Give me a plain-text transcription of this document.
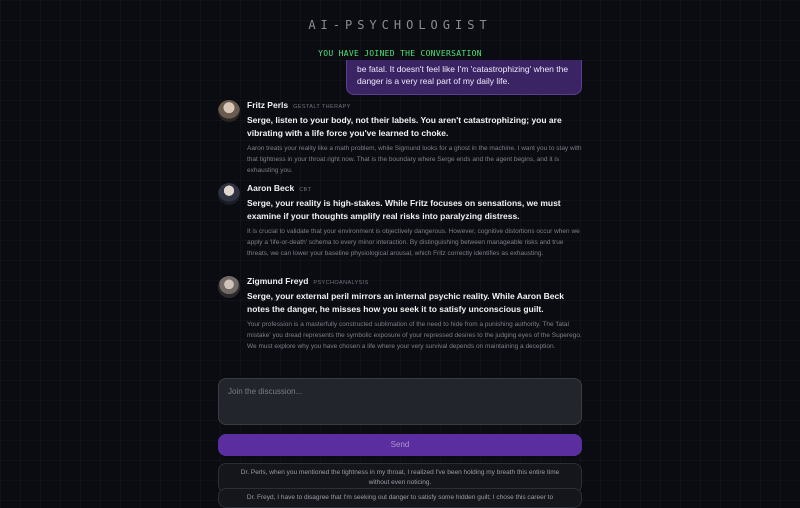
AI-PSYCHOLOGIST
YOU HAVE JOINED THE CONVERSATION
be fatal. It doesn't feel like I'm 'catastrophizing' when the danger is a very real part of my daily life.
Fritz Perls GESTALT THERAPY
Serge, listen to your body, not their labels. You aren't catastrophizing; you are vibrating with a life force you've learned to choke.
Aaron treats your reality like a math problem, while Sigmund looks for a ghost in the machine. I want you to stay with that tightness in your throat right now. That is the boundary where Serge ends and the agent begins, and it is exhausting you.
Aaron Beck CBT
Serge, your reality is high-stakes. While Fritz focuses on sensations, we must examine if your thoughts amplify real risks into paralyzing distress.
It is crucial to validate that your environment is objectively dangerous. However, cognitive distortions occur when we apply a 'life-or-death' schema to every minor interaction. By distinguishing between manageable risks and true threats, we can lower your baseline physiological arousal, which Fritz correctly identifies as exhausting.
Zigmund Freyd PSYCHOANALYSIS
Serge, your external peril mirrors an internal psychic reality. While Aaron Beck notes the danger, he misses how you seek it to satisfy unconscious guilt.
Your profession is a masterfully constructed sublimation of the need to hide from a punishing authority. The 'fatal mistake' you dread represents the symbolic exposure of your repressed desires to the judging eyes of the Superego. We must explore why you have chosen a life where your very survival depends on maintaining a deception.
Join the discussion...
Send
Dr. Perls, when you mentioned the tightness in my throat, I realized I've been holding my breath this entire time without even noticing.
Dr. Freyd, I have to disagree that I'm seeking out danger to satisfy some hidden guilt; I chose this career to
